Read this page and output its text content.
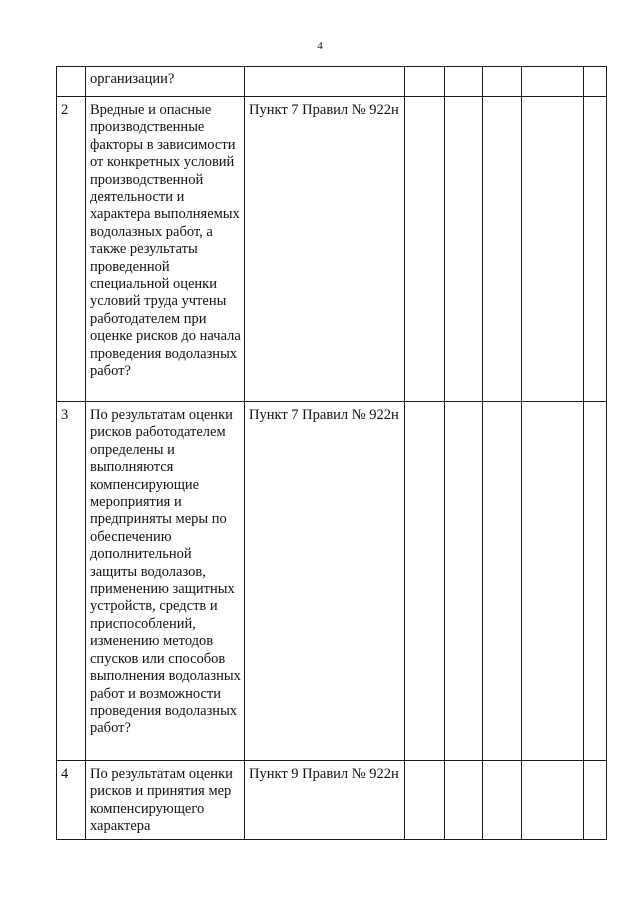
4
	организации?						
2	Вредные и опасные производственные факторы в зависимости от конкретных условий производственной деятельности и характера выполняемых водолазных работ, а также результаты проведенной специальной оценки условий труда учтены работодателем при оценке рисков до начала проведения водолазных работ?	Пункт 7 Правил № 922н					
3	По результатам оценки рисков работодателем определены и выполняются компенсирующие мероприятия и предприняты меры по обеспечению дополнительной защиты водолазов, применению защитных устройств, средств и приспособлений, изменению методов спусков или способов выполнения водолазных работ и возможности проведения водолазных работ?	Пункт 7 Правил № 922н					
4	По результатам оценки рисков и принятия мер компенсирующего характера	Пункт 9 Правил № 922н					
